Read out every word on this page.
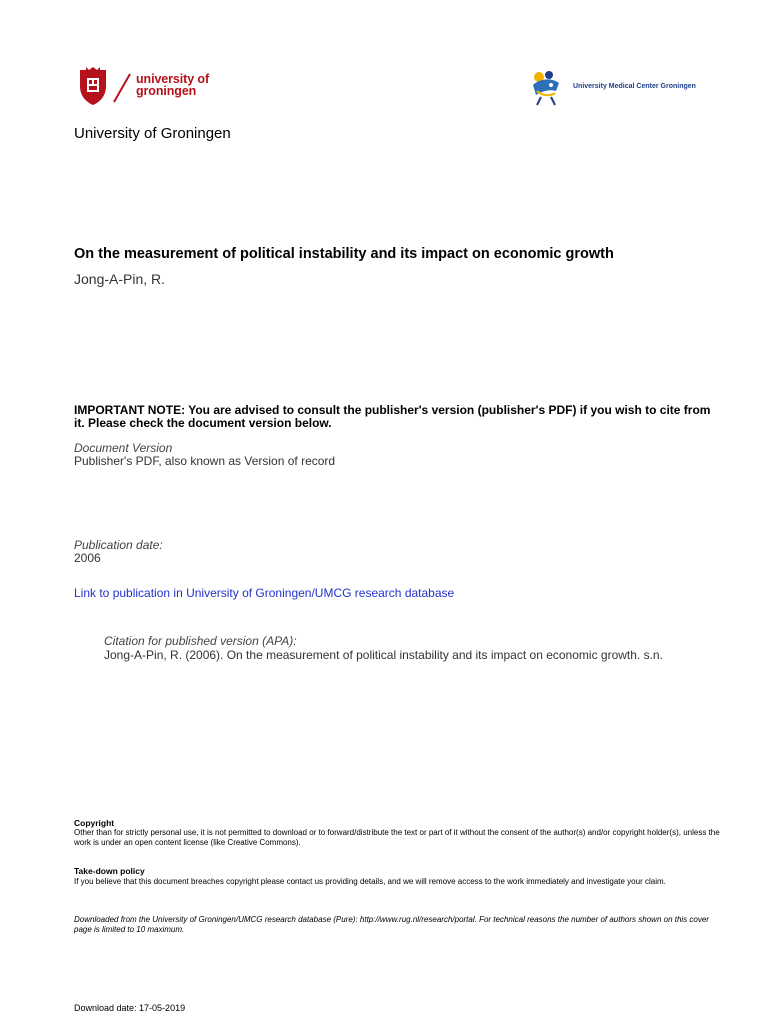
university of
groningen	University Medical Center Groningen
University of Groningen
On the measurement of political instability and its impact on economic growth
Jong-A-Pin, R.
IMPORTANT NOTE: You are advised to consult the publisher's version (publisher's PDF) if you wish to cite from it. Please check the document version below.
Document Version
Publisher's PDF, also known as Version of record
Publication date:
2006
Link to publication in University of Groningen/UMCG research database
Citation for published version (APA):
Jong-A-Pin, R. (2006). On the measurement of political instability and its impact on economic growth. s.n.
Copyright
Other than for strictly personal use, it is not permitted to download or to forward/distribute the text or part of it without the consent of the author(s) and/or copyright holder(s), unless the work is under an open content license (like Creative Commons).
Take-down policy
If you believe that this document breaches copyright please contact us providing details, and we will remove access to the work immediately and investigate your claim.
Downloaded from the University of Groningen/UMCG research database (Pure): http://www.rug.nl/research/portal. For technical reasons the number of authors shown on this cover page is limited to 10 maximum.
Download date: 17-05-2019
